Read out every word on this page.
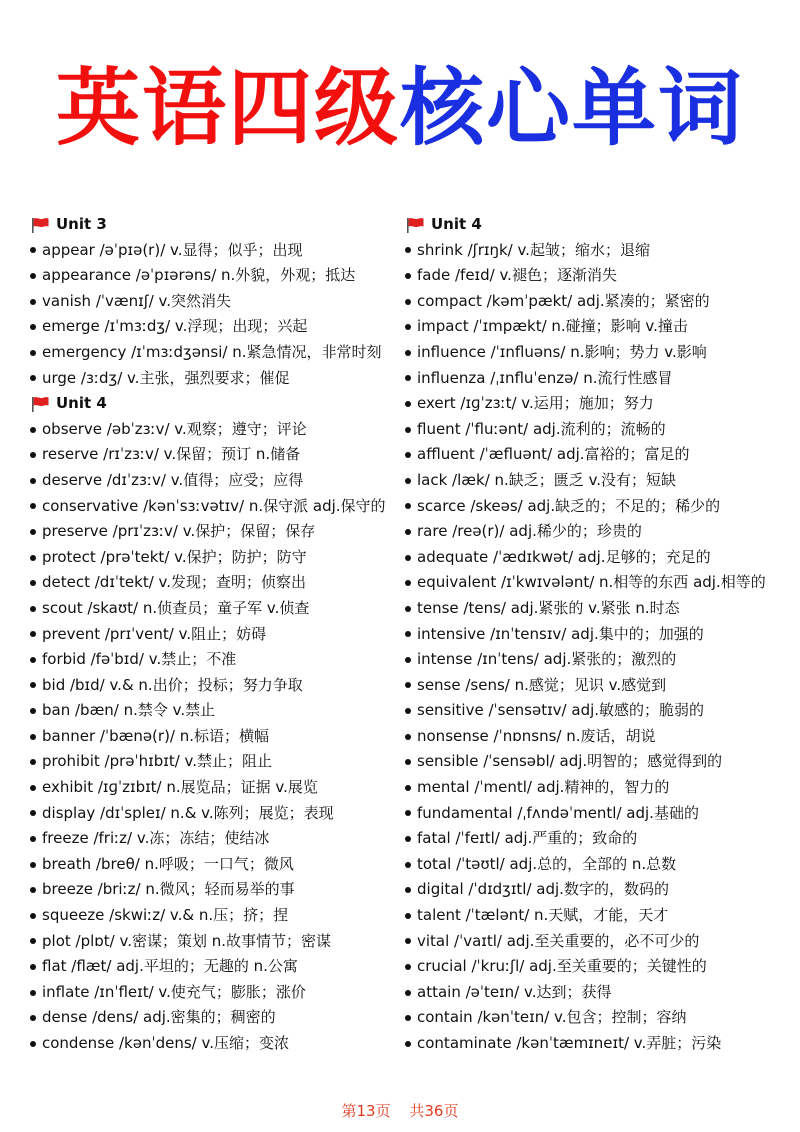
英语四级核心单词
Unit 3
appear /əˈpɪə(r)/ v.显得；似乎；出现
appearance /əˈpɪərəns/ n.外貌，外观；抵达
vanish /ˈvænɪʃ/ v.突然消失
emerge /ɪˈmɜːdʒ/ v.浮现；出现；兴起
emergency /ɪˈmɜːdʒənsi/ n.紧急情况，非常时刻
urge /ɜːdʒ/ v.主张，强烈要求；催促
Unit 4
observe /əbˈzɜːv/ v.观察；遵守；评论
reserve /rɪˈzɜːv/ v.保留；预订 n.储备
deserve /dɪˈzɜːv/ v.值得；应受；应得
conservative /kənˈsɜːvətɪv/ n.保守派 adj.保守的
preserve /prɪˈzɜːv/ v.保护；保留；保存
protect /prəˈtekt/ v.保护；防护；防守
detect /dɪˈtekt/ v.发现；查明；侦察出
scout /skaʊt/ n.侦查员；童子军 v.侦查
prevent /prɪˈvent/ v.阻止；妨碍
forbid /fəˈbɪd/ v.禁止；不准
bid /bɪd/ v.& n.出价；投标；努力争取
ban /bæn/ n.禁令 v.禁止
banner /ˈbænə(r)/ n.标语；横幅
prohibit /prəˈhɪbɪt/ v.禁止；阻止
exhibit /ɪɡˈzɪbɪt/ n.展览品；证据 v.展览
display /dɪˈspleɪ/ n.& v.陈列；展览；表现
freeze /friːz/ v.冻；冻结；使结冰
breath /breθ/ n.呼吸；一口气；微风
breeze /briːz/ n.微风；轻而易举的事
squeeze /skwiːz/ v.& n.压；挤；捏
plot /plɒt/ v.密谋；策划 n.故事情节；密谋
flat /flæt/ adj.平坦的；无趣的 n.公寓
inflate /ɪnˈfleɪt/ v.使充气；膨胀；涨价
dense /dens/ adj.密集的；稠密的
condense /kənˈdens/ v.压缩；变浓
Unit 4
shrink /ʃrɪŋk/ v.起皱；缩水；退缩
fade /feɪd/ v.褪色；逐渐消失
compact /kəmˈpækt/ adj.紧凑的；紧密的
impact /ˈɪmpækt/ n.碰撞；影响 v.撞击
influence /ˈɪnfluəns/ n.影响；势力 v.影响
influenza /ˌɪnfluˈenzə/ n.流行性感冒
exert /ɪɡˈzɜːt/ v.运用；施加；努力
fluent /ˈfluːənt/ adj.流利的；流畅的
affluent /ˈæfluənt/ adj.富裕的；富足的
lack /læk/ n.缺乏；匮乏 v.没有；短缺
scarce /skeəs/ adj.缺乏的；不足的；稀少的
rare /reə(r)/ adj.稀少的；珍贵的
adequate /ˈædɪkwət/ adj.足够的；充足的
equivalent /ɪˈkwɪvələnt/ n.相等的东西 adj.相等的
tense /tens/ adj.紧张的 v.紧张 n.时态
intensive /ɪnˈtensɪv/ adj.集中的；加强的
intense /ɪnˈtens/ adj.紧张的；激烈的
sense /sens/ n.感觉；见识 v.感觉到
sensitive /ˈsensətɪv/ adj.敏感的；脆弱的
nonsense /ˈnɒnsns/ n.废话，胡说
sensible /ˈsensəbl/ adj.明智的；感觉得到的
mental /ˈmentl/ adj.精神的，智力的
fundamental /ˌfʌndəˈmentl/ adj.基础的
fatal /ˈfeɪtl/ adj.严重的；致命的
total /ˈtəʊtl/ adj.总的，全部的 n.总数
digital /ˈdɪdʒɪtl/ adj.数字的，数码的
talent /ˈtælənt/ n.天赋，才能，天才
vital /ˈvaɪtl/ adj.至关重要的，必不可少的
crucial /ˈkruːʃl/ adj.至关重要的；关键性的
attain /əˈteɪn/ v.达到；获得
contain /kənˈteɪn/ v.包含；控制；容纳
contaminate /kənˈtæmɪneɪt/ v.弄脏；污染
第13页 共36页
